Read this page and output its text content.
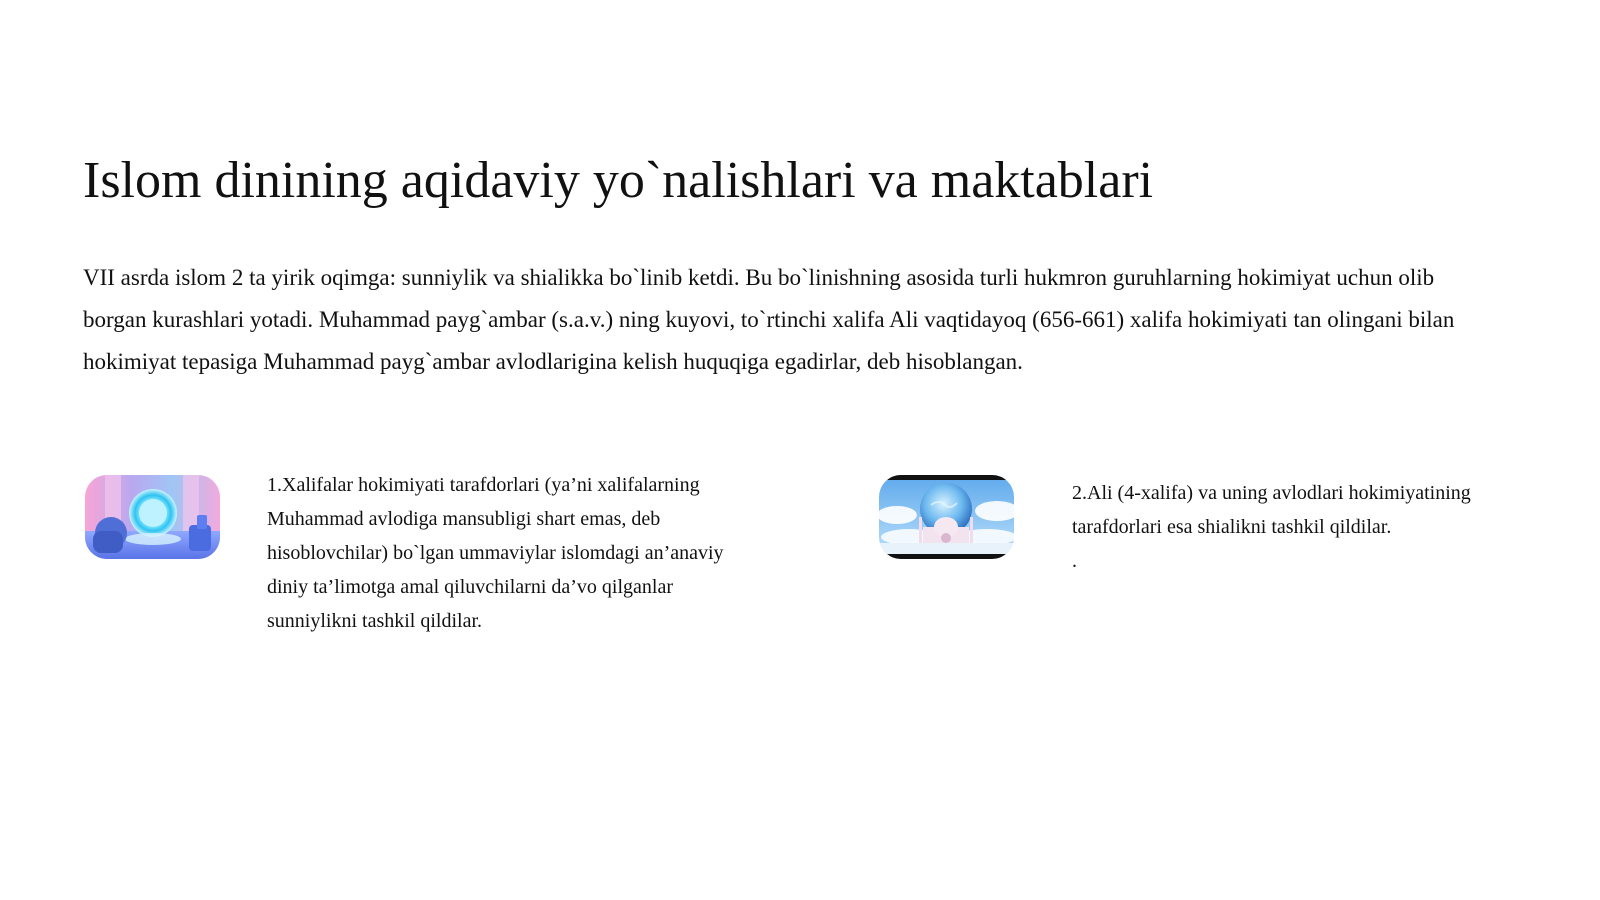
Islom dinining aqidaviy yo`nalishlari va maktablari

VII asrda islom 2 ta yirik oqimga: sunniylik va shialikka bo`linib ketdi. Bu bo`linishning asosida turli hukmron guruhlarning hokimiyat uchun olib borgan kurashlari yotadi. Muhammad payg`ambar (s.a.v.) ning kuyovi, to`rtinchi xalifa Ali vaqtidayoq (656-661) xalifa hokimiyati tan olingani bilan hokimiyat tepasiga Muhammad payg`ambar avlodlarigina kelish huquqiga egadirlar, deb hisoblangan.

1.Xalifalar hokimiyati tarafdorlari (ya’ni xalifalarning Muhammad avlodiga mansubligi shart emas, deb hisoblovchilar) bo`lgan ummaviylar islomdagi an’anaviy diniy ta’limotga amal qiluvchilarni da’vo qilganlar sunniylikni tashkil qildilar.

2.Ali (4-xalifa) va uning avlodlari hokimiyatining tarafdorlari esa shialikni tashkil qildilar.
.
